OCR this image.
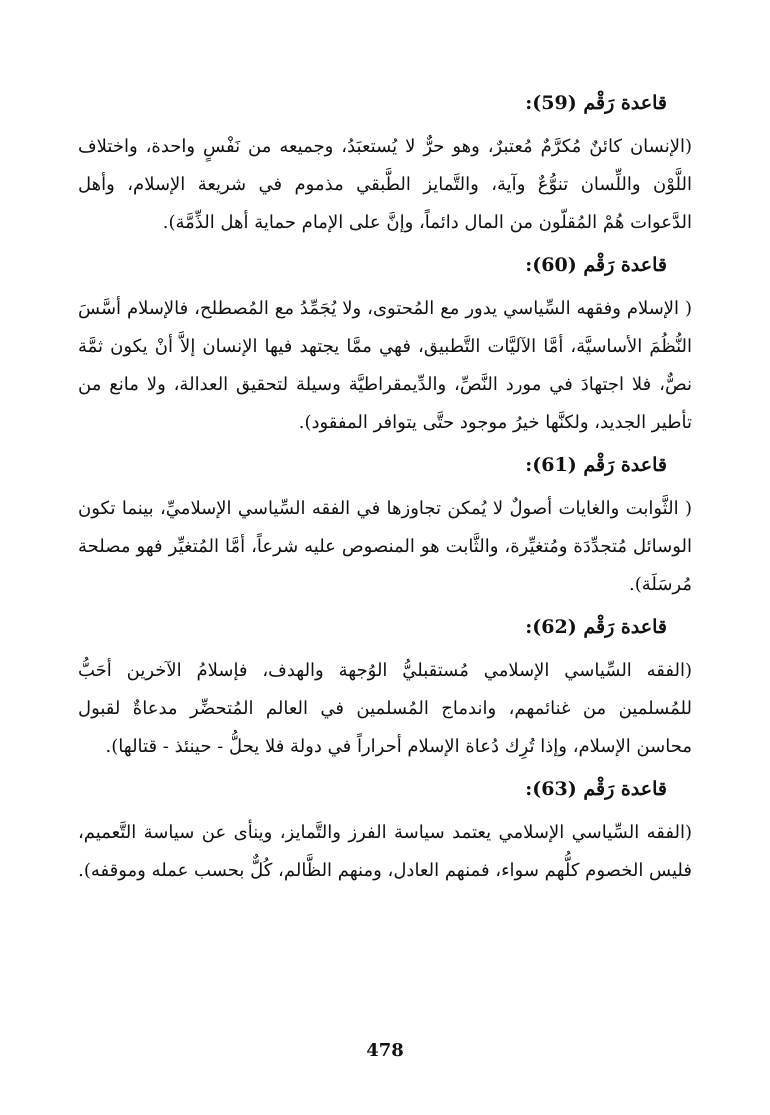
قاعدة رَقْم (59):

(الإنسان كائنٌ مُكرَّمٌ مُعتبرٌ، وهو حرٌّ لا يُستعبَدُ، وجميعه من نَفْسٍ واحدة، واختلاف اللَّوْن واللِّسان تنوُّعٌ وآية، والتَّمايز الطَّبقي مذموم في شريعة الإسلام، وأهل الدَّعوات هُمْ المُقلّون من المال دائماً، وإنَّ على الإمام حماية أهل الذِّمَّة).

قاعدة رَقْم (60):

( الإسلام وفقهه السِّياسي يدور مع المُحتوى، ولا يُجَمِّدُ مع المُصطلح، فالإسلام أسَّسَ النُّظُمَ الأساسيَّة، أمَّا الآليَّات التَّطبيق، فهي ممَّا يجتهد فيها الإنسان إلاَّ أنْ يكون ثمَّة نصٌّ، فلا اجتهادَ في مورد النَّصِّ، والدِّيمقراطيَّة وسيلة لتحقيق العدالة، ولا مانع من تأطير الجديد، ولكنَّها خيرُ موجود حتَّى يتوافر المفقود).

قاعدة رَقْم (61):

( الثَّوابت والغايات أصولٌ لا يُمكن تجاوزها في الفقه السِّياسي الإسلاميِّ، بينما تكون الوسائل مُتجدِّدَة ومُتغيِّرة، والثَّابت هو المنصوص عليه شرعاً، أمَّا المُتغيِّر فهو مصلحة مُرسَلَة).

قاعدة رَقْم (62):

(الفقه السِّياسي الإسلامي مُستقبليُّ الوُجهة والهدف، فإسلامُ الآخرين أحَبُّ للمُسلمين من غنائمهم، واندماج المُسلمين في العالم المُتحضِّر مدعاةٌ لقبول محاسن الإسلام، وإذا تُرِك دُعاة الإسلام أحراراً في دولة فلا يحلُّ - حينئذ - قتالها).

قاعدة رَقْم (63):

(الفقه السِّياسي الإسلامي يعتمد سياسة الفرز والتَّمايز، وينأى عن سياسة التَّعميم، فليس الخصوم كلُّهم سواء، فمنهم العادل، ومنهم الظَّالم، كُلٌّ بحسب عمله وموقفه).

478
